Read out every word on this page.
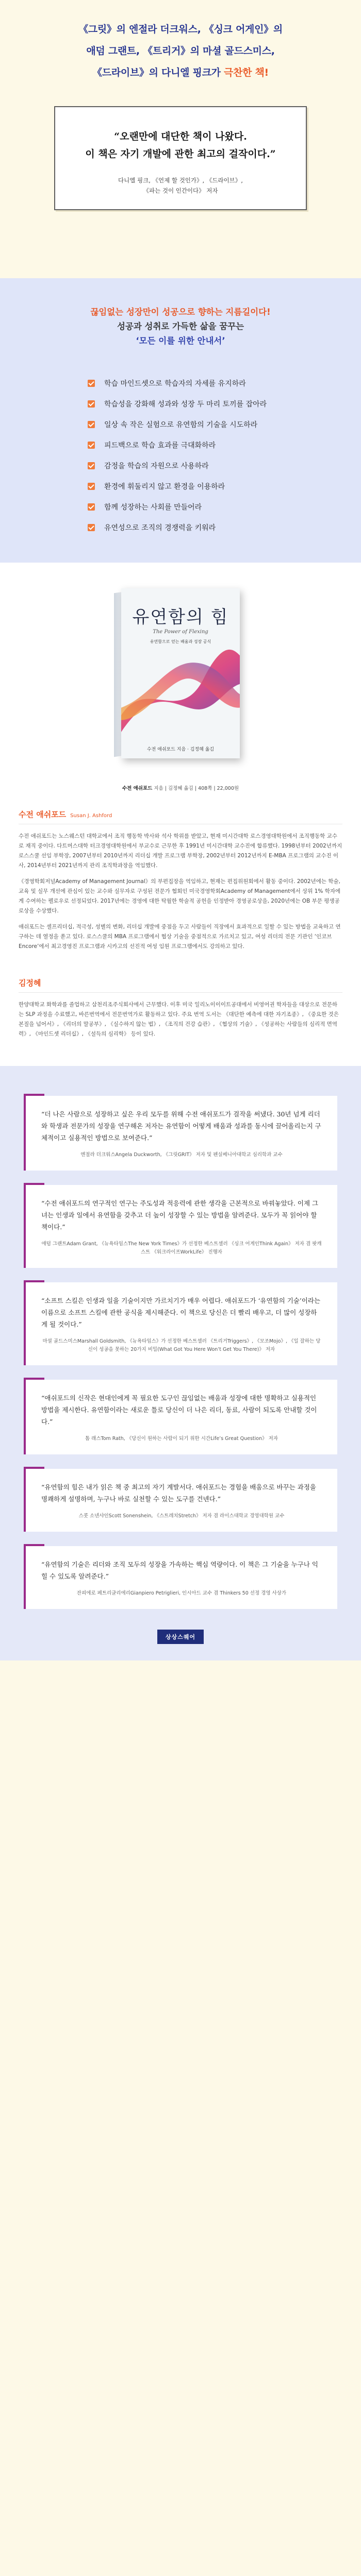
《그릿》의 엔절라 더크워스, 《싱크 어게인》의
애덤 그랜트, 《트리거》의 마셜 골드스미스,
《드라이브》의 다니엘 핑크가 극찬한 책!
“오랜만에 대단한 책이 나왔다.
이 책은 자기 개발에 관한 최고의 걸작이다.”
다니엘 핑크, 《언제 할 것인가》, 《드라이브》,
《파는 것이 인간이다》 저자
끊임없는 성장만이 성공으로 향하는 지름길이다!
성공과 성취로 가득한 삶을 꿈꾸는
‘모든 이를 위한 안내서’
학습 마인드셋으로 학습자의 자세를 유지하라
학습성을 강화해 성과와 성장 두 마리 토끼를 잡아라
일상 속 작은 실험으로 유연함의 기술을 시도하라
피드백으로 학습 효과를 극대화하라
감정을 학습의 자원으로 사용하라
환경에 휘둘리지 않고 환경을 이용하라
함께 성장하는 사회를 만들어라
유연성으로 조직의 경쟁력을 키워라
유연함의 힘
The Power of Flexing
유연함으로 얻는 배움과 성장 공식
수전 애쉬포드 지음 · 김정혜 옮김
수전 애쉬포드 지음 | 김정혜 옮김 | 408쪽 | 22,000원
수전 애쉬포드 Susan J. Ashford

수전 애쉬포드는 노스웨스턴 대학교에서 조직 행동학 박사와 석사 학위를 받았고, 현재 미시간대학 로스경영대학원에서 조직행동학 교수로 재직 중이다. 다트머스대학 터크경영대학원에서 부교수로 근무한 후 1991년 미시간대학 교수진에 합류했다. 1998년부터 2002년까지 로스스쿨 선임 부학장, 2007년부터 2010년까지 리더십 개발 프로그램 부학장, 2002년부터 2012년까지 E-MBA 프로그램의 교수진 이사, 2014년부터 2021년까지 관리 조직학과장을 역임했다.

《경영학회저널Academy of Management Journal》의 부편집장을 역임하고, 현재는 편집위원회에서 활동 중이다. 2002년에는 학술, 교육 및 실무 개선에 관심이 있는 교수와 실무자로 구성된 전문가 협회인 미국경영학회Academy of Management에서 상위 1% 학자에게 수여하는 펠로우로 선정되었다. 2017년에는 경영에 대한 탁월한 학술적 공헌을 인정받아 경영공로상을, 2020년에는 OB 부문 평생공로상을 수상했다.

애쉬포드는 셀프리더십, 적극성, 성별의 변화, 리더십 개발에 중점을 두고 사람들이 직장에서 효과적으로 일할 수 있는 방법을 교육하고 연구하는 데 열정을 쏟고 있다. 로스스쿨의 MBA 프로그램에서 협상 기술을 중점적으로 가르치고 있고, 여성 리더의 전문 기관인 ‘인코브Encore’에서 최고경영진 프로그램과 시카고의 선진적 여성 임원 프로그램에서도 강의하고 있다.

김정혜

한양대학교 화학과를 졸업하고 삼천리조주식회사에서 근무했다. 이후 미국 일리노이이이트공대에서 비영어권 학자들을 대상으로 전문하는 SLP 과정을 수료했고, 바른번역에서 전문번역가로 활동하고 있다. 주요 번역 도서는 《대단한 예측에 대한 자기조종》, 《중요한 것은 본질을 넘어서》, 《리더의 말공부》, 《실수하지 않는 법》, 《조직의 건강 습관》, 《협상의 기술》, 《성공하는 사람들의 심리적 면역력》, 《마인드셋 리더십》, 《설득의 심리학》 등이 있다.

“더 나은 사람으로 성장하고 싶은 우리 모두를 위해 수전 애쉬포드가 걸작을 써냈다. 30년 넘게 리더와 학생과 전문가의 성장을 연구해온 저자는 유연함이 어떻게 배움과 성과를 동시에 끌어올리는지 구체적이고 실용적인 방법으로 보여준다.”

엔절라 더크워스Angela Duckworth, 《그릿GRIT》 저자 및 펜실베니아대학교 심리학과 교수

“수전 애쉬포드의 연구적인 연구는 주도성과 적응력에 관한 생각을 근본적으로 바꿔놓았다. 이제 그녀는 인생과 일에서 유연함을 갖추고 더 높이 성장할 수 있는 방법을 알려준다. 모두가 꼭 읽어야 할 책이다.”

애덤 그랜트Adam Grant, 《뉴욕타임스The New York Times》가 선정한 베스트셀러 《싱크 어게인Think Again》 저자 겸 팟캐스트 《워크라이프WorkLife》 진행자

“소프트 스킬은 인생과 일을 기술이지만 가르치기가 매우 어렵다. 애쉬포드가 ‘유연함의 기술’이라는 이름으로 소프트 스킬에 관한 공식을 제시해준다. 이 책으로 당신은 더 빨리 배우고, 더 많이 성장하게 될 것이다.”

마셜 골드스미스Marshall Goldsmith, 《뉴욕타임스》가 선정한 베스트셀러 《트리거Triggers》, 《모조Mojo》, 《일 잘하는 당신이 성공을 못하는 20가지 비밀(What Got You Here Won’t Get You There)》 저자

“애쉬포드의 신작은 현대인에게 꼭 필요한 도구인 끊임없는 배움과 성장에 대한 명확하고 실용적인 방법을 제시한다. 유연함이라는 새로운 틀로 당신이 더 나은 리더, 동료, 사람이 되도록 안내할 것이다.”

톰 래스Tom Rath, 《당신이 원하는 사람이 되기 위한 시간Life’s Great Question》 저자

“유연함의 힘은 내가 읽은 책 중 최고의 자기 계발서다. 애쉬포드는 경험을 배움으로 바꾸는 과정을 명쾌하게 설명하며, 누구나 바로 실천할 수 있는 도구를 건넨다.”

스콧 소넨샤인Scott Sonenshein, 《스트레치Stretch》 저자 겸 라이스대학교 경영대학원 교수

“유연함의 기술은 리더와 조직 모두의 성장을 가속하는 핵심 역량이다. 이 책은 그 기술을 누구나 익힐 수 있도록 알려준다.”

잔피에로 페트리글리에리Gianpiero Petriglieri, 인시아드 교수 겸 Thinkers 50 선정 경영 사상가

상상스퀘어
